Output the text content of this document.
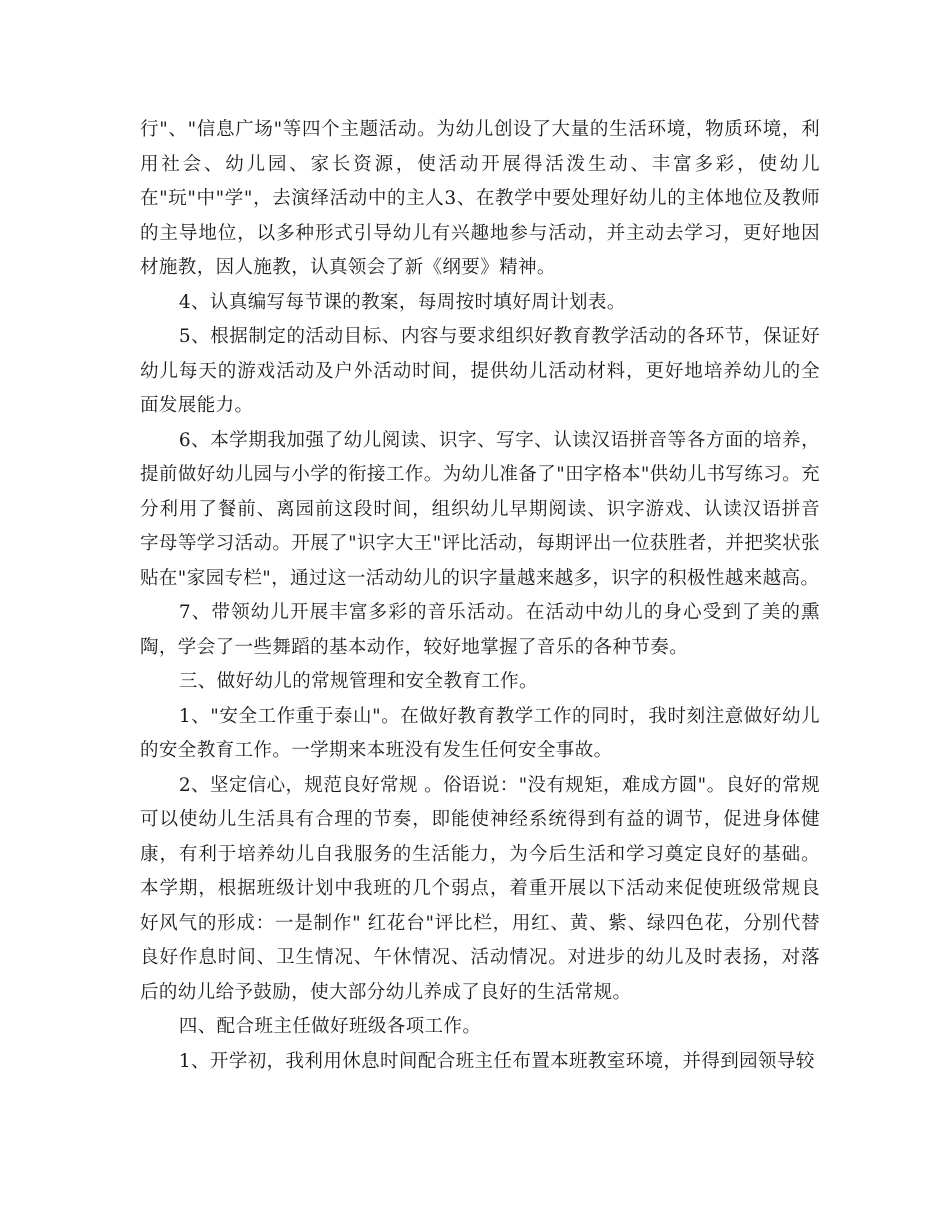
行"、"信息广场"等四个主题活动。为幼儿创设了大量的生活环境，物质环境，利用社会、幼儿园、家长资源，使活动开展得活泼生动、丰富多彩，使幼儿在"玩"中"学"，去演绎活动中的主人3、在教学中要处理好幼儿的主体地位及教师的主导地位，以多种形式引导幼儿有兴趣地参与活动，并主动去学习，更好地因材施教，因人施教，认真领会了新《纲要》精神。

4、认真编写每节课的教案，每周按时填好周计划表。

5、根据制定的活动目标、内容与要求组织好教育教学活动的各环节，保证好幼儿每天的游戏活动及户外活动时间，提供幼儿活动材料，更好地培养幼儿的全面发展能力。

6、本学期我加强了幼儿阅读、识字、写字、认读汉语拼音等各方面的培养，提前做好幼儿园与小学的衔接工作。为幼儿准备了"田字格本"供幼儿书写练习。充分利用了餐前、离园前这段时间，组织幼儿早期阅读、识字游戏、认读汉语拼音字母等学习活动。开展了"识字大王"评比活动，每期评出一位获胜者，并把奖状张贴在"家园专栏"，通过这一活动幼儿的识字量越来越多，识字的积极性越来越高。

7、带领幼儿开展丰富多彩的音乐活动。在活动中幼儿的身心受到了美的熏陶，学会了一些舞蹈的基本动作，较好地掌握了音乐的各种节奏。

三、做好幼儿的常规管理和安全教育工作。

1、"安全工作重于泰山"。在做好教育教学工作的同时，我时刻注意做好幼儿的安全教育工作。一学期来本班没有发生任何安全事故。

2、坚定信心，规范良好常规 。俗语说："没有规矩，难成方圆"。良好的常规可以使幼儿生活具有合理的节奏，即能使神经系统得到有益的调节，促进身体健康，有利于培养幼儿自我服务的生活能力，为今后生活和学习奠定良好的基础。 本学期，根据班级计划中我班的几个弱点，着重开展以下活动来促使班级常规良好风气的形成：一是制作" 红花台"评比栏，用红、黄、紫、绿四色花，分别代替良好作息时间、卫生情况、午休情况、活动情况。对进步的幼儿及时表扬，对落后的幼儿给予鼓励，使大部分幼儿养成了良好的生活常规。

四、配合班主任做好班级各项工作。

1、开学初，我利用休息时间配合班主任布置本班教室环境，并得到园领导较
